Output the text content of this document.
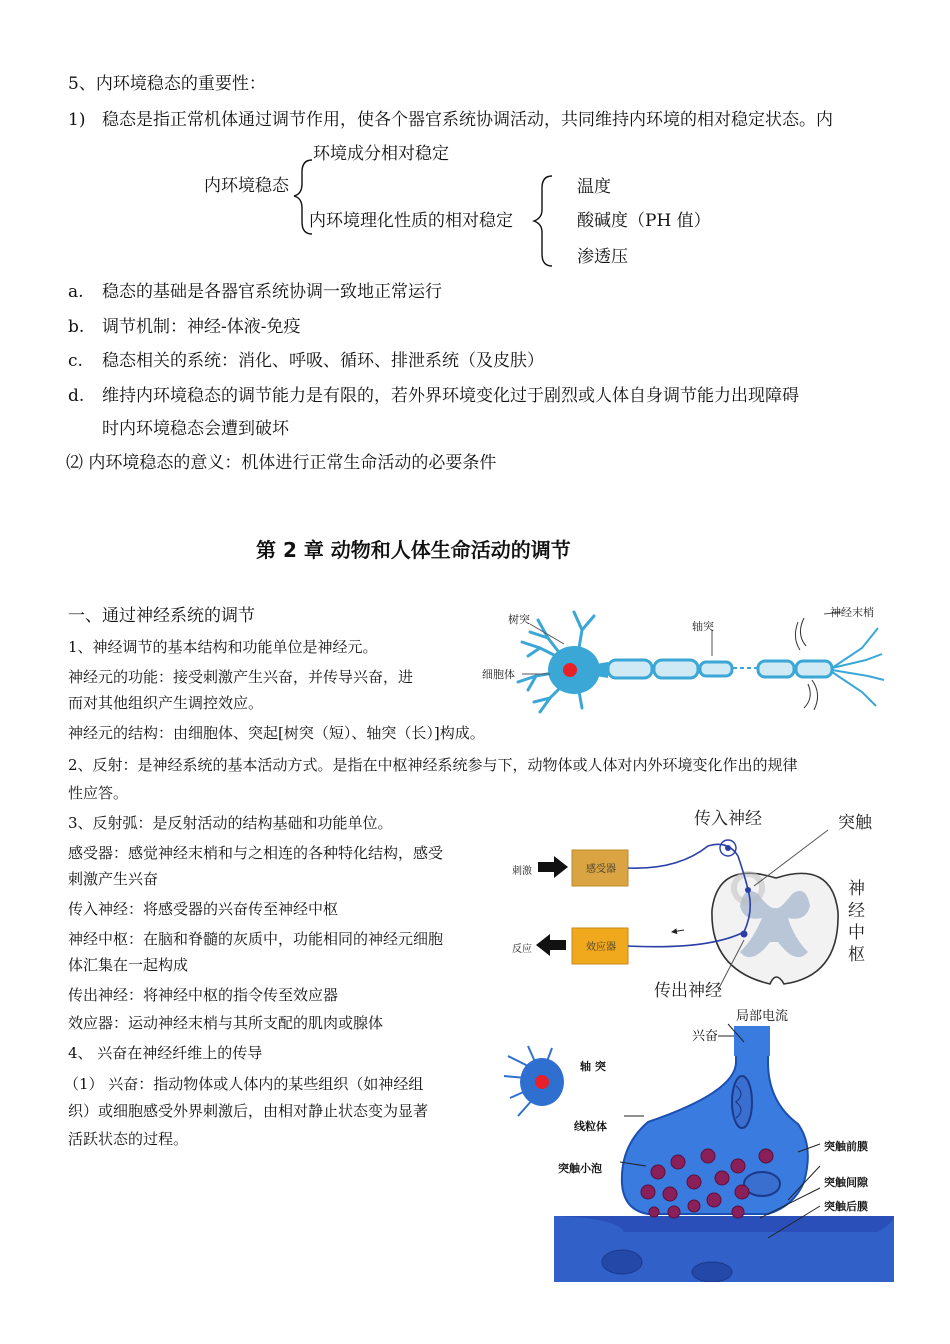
5、内环境稳态的重要性：
1) 稳态是指正常机体通过调节作用，使各个器官系统协调活动，共同维持内环境的相对稳定状态。内
内环境稳态
环境成分相对稳定
内环境理化性质的相对稳定
温度
酸碱度（PH 值）
渗透压
a. 稳态的基础是各器官系统协调一致地正常运行
b. 调节机制：神经-体液-免疫
c. 稳态相关的系统：消化、呼吸、循环、排泄系统（及皮肤）
d. 维持内环境稳态的调节能力是有限的，若外界环境变化过于剧烈或人体自身调节能力出现障碍
时内环境稳态会遭到破坏
⑵ 内环境稳态的意义：机体进行正常生命活动的必要条件
第 2 章 动物和人体生命活动的调节
一、通过神经系统的调节
1、神经调节的基本结构和功能单位是神经元。
神经元的功能：接受刺激产生兴奋，并传导兴奋，进
而对其他组织产生调控效应。
神经元的结构：由细胞体、突起[树突（短）、轴突（长）]构成。
2、反射：是神经系统的基本活动方式。是指在中枢神经系统参与下，动物体或人体对内外环境变化作出的规律
性应答。
3、反射弧：是反射活动的结构基础和功能单位。
感受器：感觉神经末梢和与之相连的各种特化结构，感受
刺激产生兴奋
传入神经：将感受器的兴奋传至神经中枢
神经中枢：在脑和脊髓的灰质中，功能相同的神经元细胞
体汇集在一起构成
传出神经：将神经中枢的指令传至效应器
效应器：运动神经末梢与其所支配的肌肉或腺体
4、 兴奋在神经纤维上的传导
（1） 兴奋：指动物体或人体内的某些组织（如神经组
织）或细胞感受外界刺激后，由相对静止状态变为显著
活跃状态的过程。
树突
轴突
细胞体
神经末梢
刺激	感受器
反应	效应器
传入神经	突触
神
经
中
枢
传出神经
局部电流
兴奋
轴 突
线粒体
突触小泡
突触前膜
突触间隙
突触后膜
